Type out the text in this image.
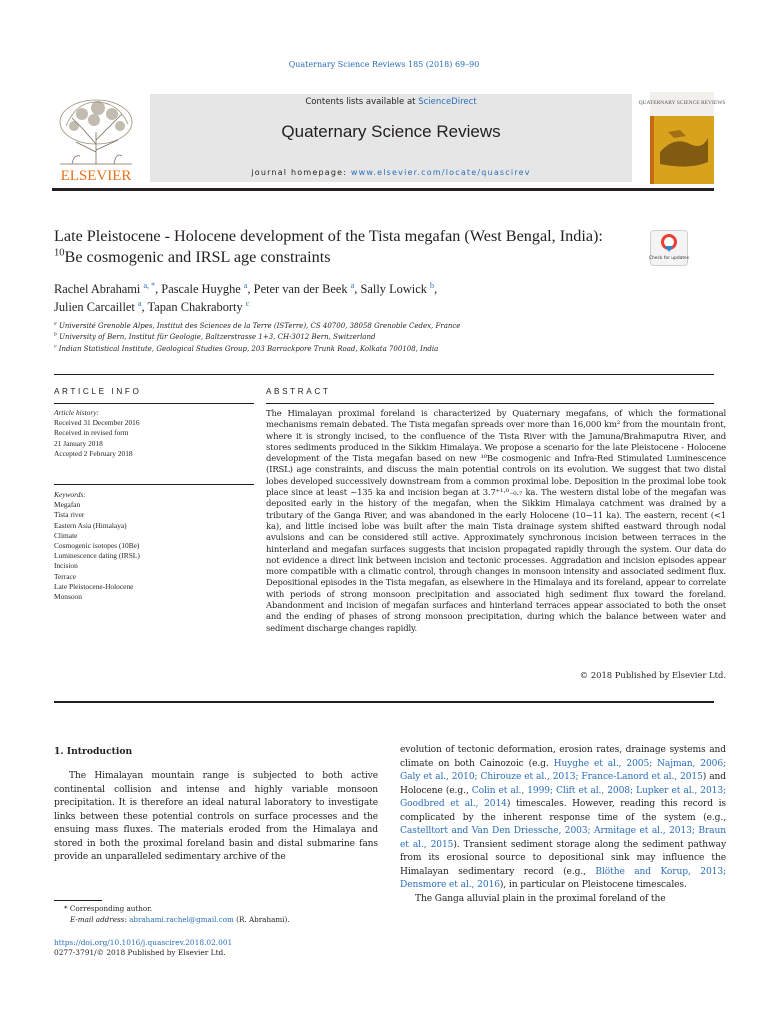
Quaternary Science Reviews 185 (2018) 69–90
ELSEVIER
Contents lists available at ScienceDirect
Quaternary Science Reviews
journal homepage: www.elsevier.com/locate/quascirev
QUATERNARY SCIENCE REVIEWS
Late Pleistocene - Holocene development of the Tista megafan (West Bengal, India): $^{10}$Be cosmogenic and IRSL age constraints	Check for updates
Rachel Abrahami $^{a, *}$, Pascale Huyghe $^a$, Peter van der Beek $^a$, Sally Lowick $^b$,
Julien Carcaillet $^a$, Tapan Chakraborty $^c$
$^a$ Université Grenoble Alpes, Institut des Sciences de la Terre (ISTerre), CS 40700, 38058 Grenoble Cedex, France
$^b$ University of Bern, Institut für Geologie, Baltzerstrasse 1+3, CH-3012 Bern, Switzerland
$^c$ Indian Statistical Institute, Geological Studies Group, 203 Barrackpore Trunk Road, Kolkata 700108, India
ARTICLE INFO	ABSTRACT
Article history:
Received 31 December 2016
Received in revised form
21 January 2018
Accepted 2 February 2018
Keywords:
Megafan
Tista river
Eastern Asia (Himalaya)
Climate
Cosmogenic isotopes (10Be)
Luminescence dating (IRSL)
Incision
Terrace
Late Pleistocene-Holocene
Monsoon
The Himalayan proximal foreland is characterized by Quaternary megafans, of which the formational mechanisms remain debated. The Tista megafan spreads over more than 16,000 km² from the mountain front, where it is strongly incised, to the confluence of the Tista River with the Jamuna/Brahmaputra River, and stores sediments produced in the Sikkim Himalaya. We propose a scenario for the late Pleistocene - Holocene development of the Tista megafan based on new ¹⁰Be cosmogenic and Infra-Red Stimulated Luminescence (IRSL) age constraints, and discuss the main potential controls on its evolution. We suggest that two distal lobes developed successively downstream from a common proximal lobe. Deposition in the proximal lobe took place since at least ~135 ka and incision began at 3.7⁺¹·⁰₋₀.₇ ka. The western distal lobe of the megafan was deposited early in the history of the megafan, when the Sikkim Himalaya catchment was drained by a tributary of the Ganga River, and was abandoned in the early Holocene (10−11 ka). The eastern, recent (<1 ka), and little incised lobe was built after the main Tista drainage system shifted eastward through nodal avulsions and can be considered still active. Approximately synchronous incision between terraces in the hinterland and megafan surfaces suggests that incision propagated rapidly through the system. Our data do not evidence a direct link between incision and tectonic processes. Aggradation and incision episodes appear more compatible with a climatic control, through changes in monsoon intensity and associated sediment flux. Depositional episodes in the Tista megafan, as elsewhere in the Himalaya and its foreland, appear to correlate with periods of strong monsoon precipitation and associated high sediment flux toward the foreland. Abandonment and incision of megafan surfaces and hinterland terraces appear associated to both the onset and the ending of phases of strong monsoon precipitation, during which the balance between water and sediment discharge changes rapidly.
© 2018 Published by Elsevier Ltd.
1. Introduction
The Himalayan mountain range is subjected to both active continental collision and intense and highly variable monsoon precipitation. It is therefore an ideal natural laboratory to investigate links between these potential controls on surface processes and the ensuing mass fluxes. The materials eroded from the Himalaya and stored in both the proximal foreland basin and distal submarine fans provide an unparalleled sedimentary archive of the

evolution of tectonic deformation, erosion rates, drainage systems and climate on both Cainozoic (e.g. Huyghe et al., 2005; Najman, 2006; Galy et al., 2010; Chirouze et al., 2013; France-Lanord et al., 2015) and Holocene (e.g., Colin et al., 1999; Clift et al., 2008; Lupker et al., 2013; Goodbred et al., 2014) timescales. However, reading this record is complicated by the inherent response time of the system (e.g., Castelltort and Van Den Driessche, 2003; Armitage et al., 2013; Braun et al., 2015). Transient sediment storage along the sediment pathway from its erosional source to depositional sink may influence the Himalayan sedimentary record (e.g., Blöthe and Korup, 2013; Densmore et al., 2016), in particular on Pleistocene timescales.

The Ganga alluvial plain in the proximal foreland of the

* Corresponding author.
E-mail address: abrahami.rachel@gmail.com (R. Abrahami).
https://doi.org/10.1016/j.quascirev.2018.02.001
0277-3791/© 2018 Published by Elsevier Ltd.
